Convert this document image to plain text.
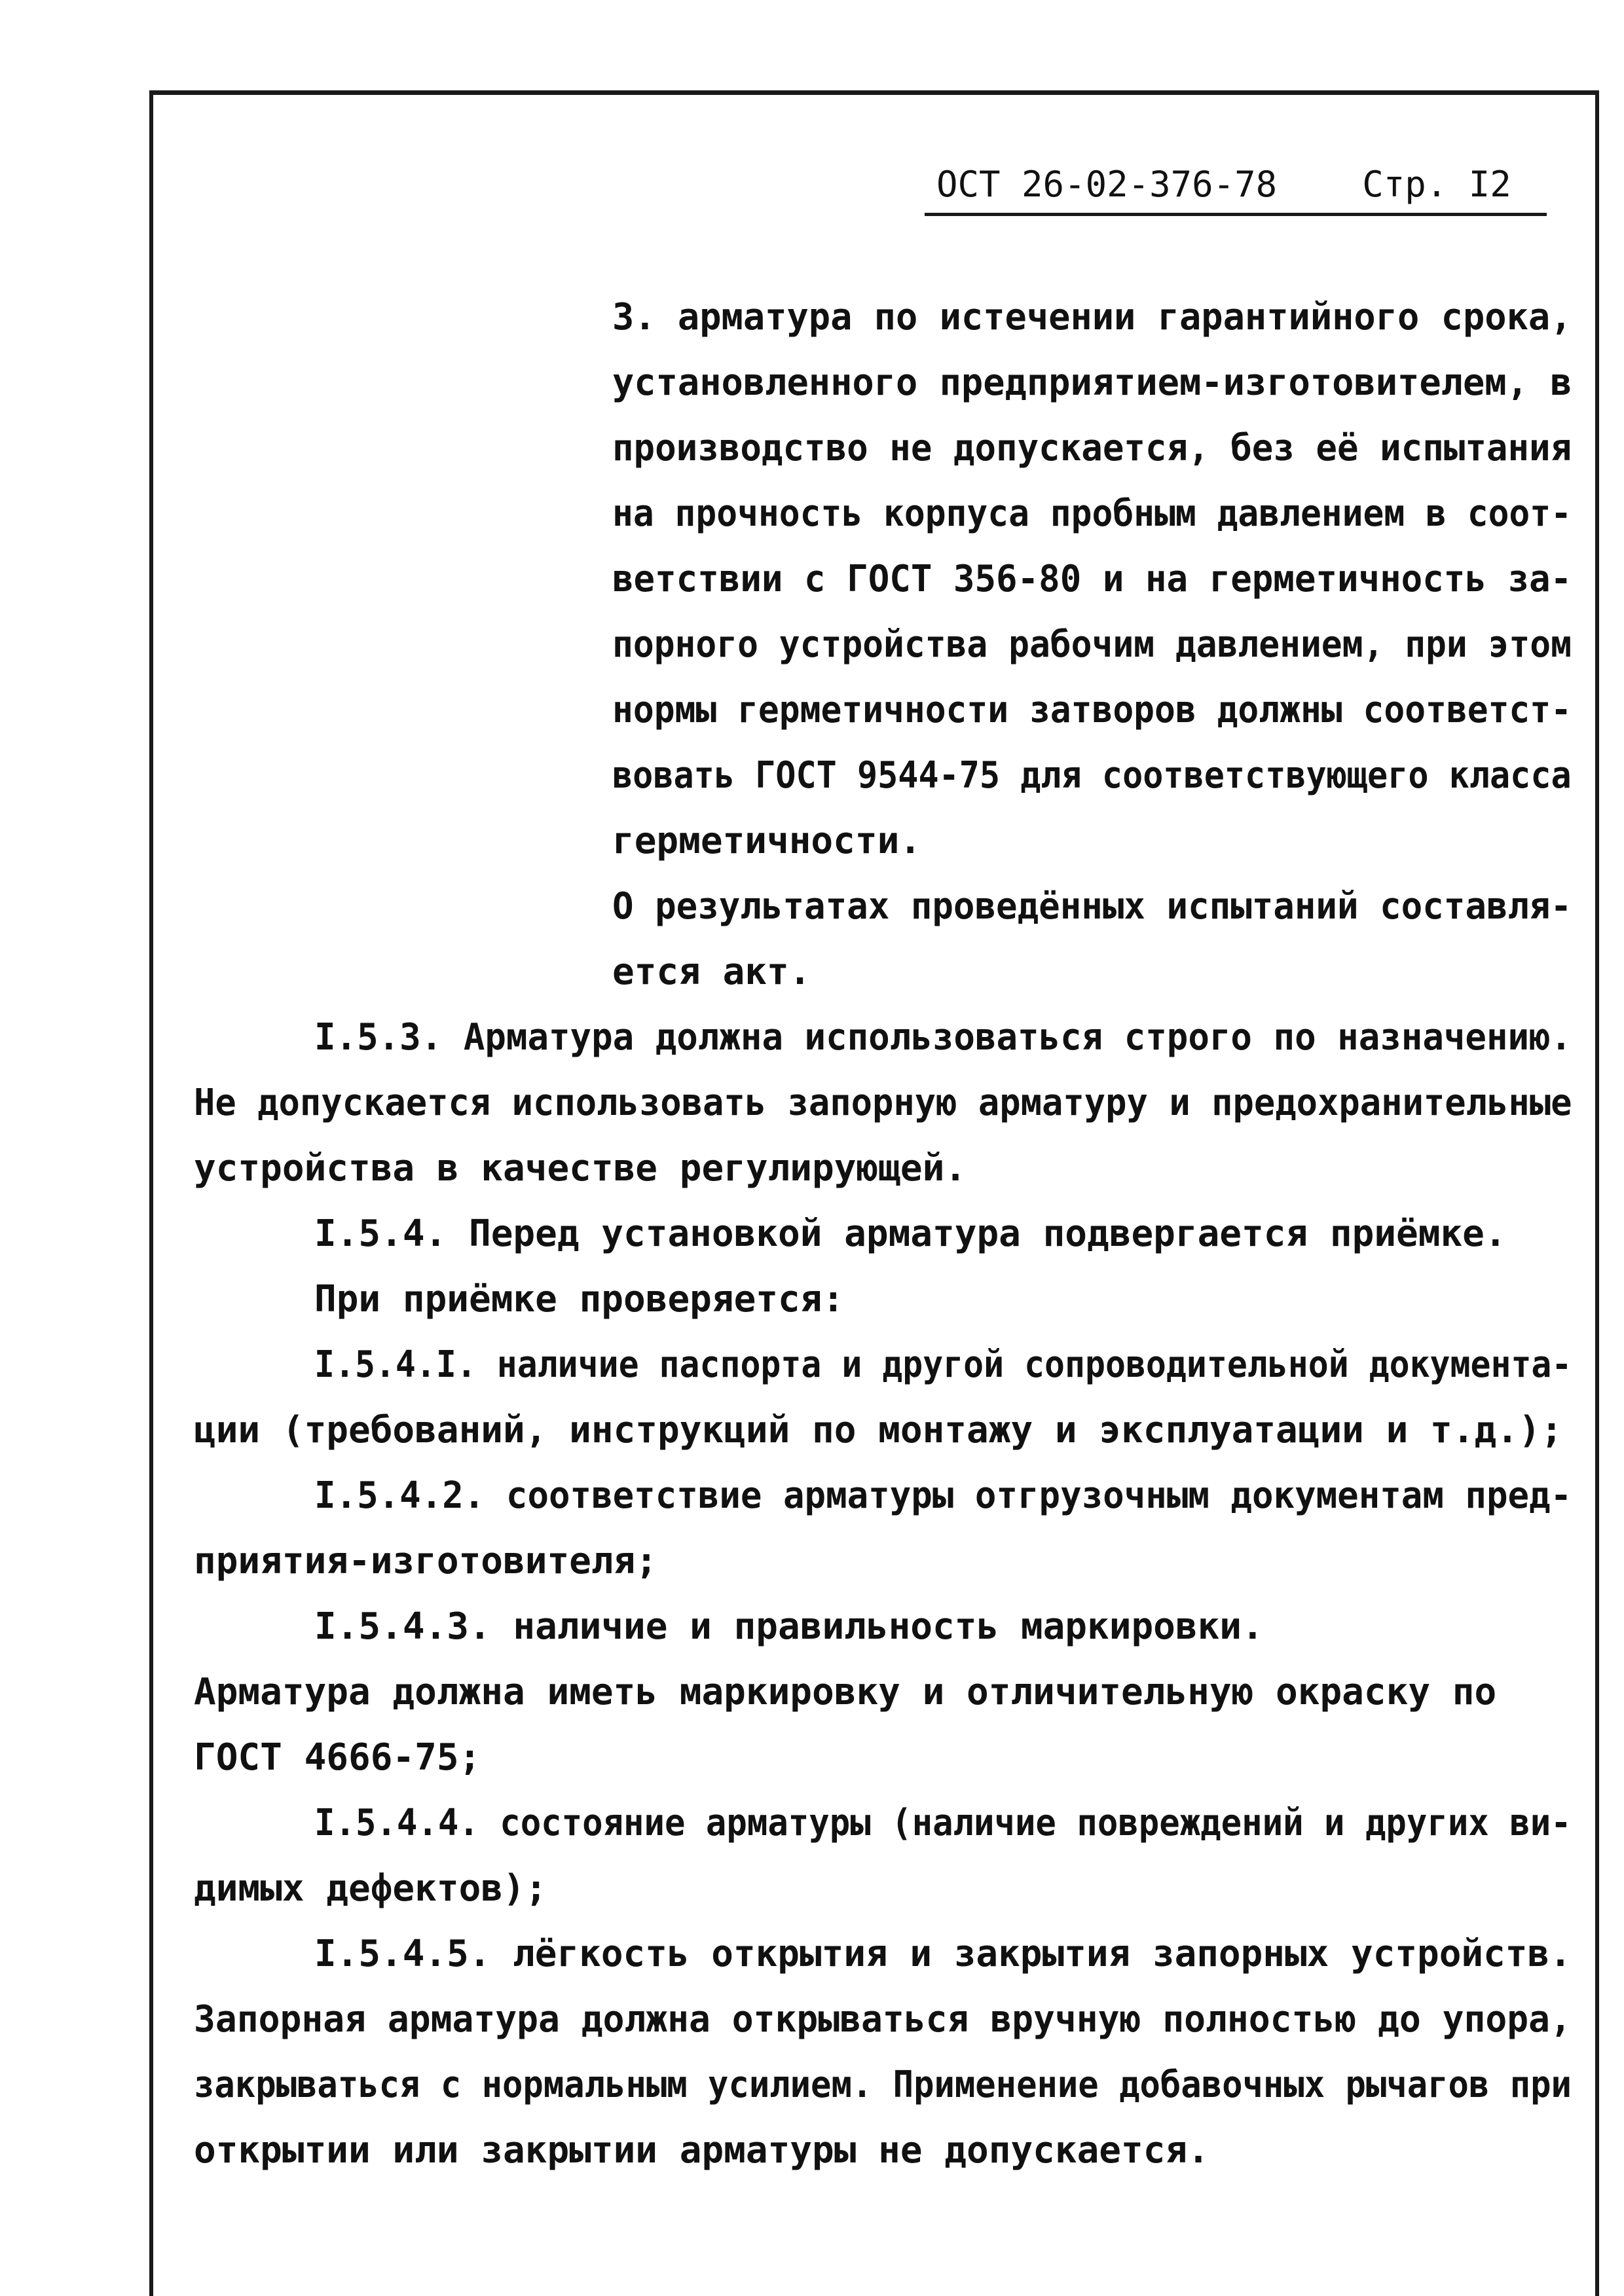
ОСТ 26-02-376-78 Стр. I2
3. арматура по истечении гарантийного срока,
установленного предприятием-изготовителем, в
производство не допускается, без её испытания
на прочность корпуса пробным давлением в соот-
ветствии с ГОСТ 356-80 и на герметичность за-
порного устройства рабочим давлением, при этом
нормы герметичности затворов должны соответст-
вовать ГОСТ 9544-75 для соответствующего класса
герметичности.
О результатах проведённых испытаний составля-
ется акт.
I.5.3. Арматура должна использоваться строго по назначению.
Не допускается использовать запорную арматуру и предохранительные
устройства в качестве регулирующей.
I.5.4. Перед установкой арматура подвергается приёмке.
При приёмке проверяется:
I.5.4.I. наличие паспорта и другой сопроводительной документа-
ции (требований, инструкций по монтажу и эксплуатации и т.д.);
I.5.4.2. соответствие арматуры отгрузочным документам пред-
приятия-изготовителя;
I.5.4.3. наличие и правильность маркировки.
Арматура должна иметь маркировку и отличительную окраску по
ГОСТ 4666-75;
I.5.4.4. состояние арматуры (наличие повреждений и других ви-
димых дефектов);
I.5.4.5. лёгкость открытия и закрытия запорных устройств.
Запорная арматура должна открываться вручную полностью до упора,
закрываться с нормальным усилием. Применение добавочных рычагов при
открытии или закрытии арматуры не допускается.
